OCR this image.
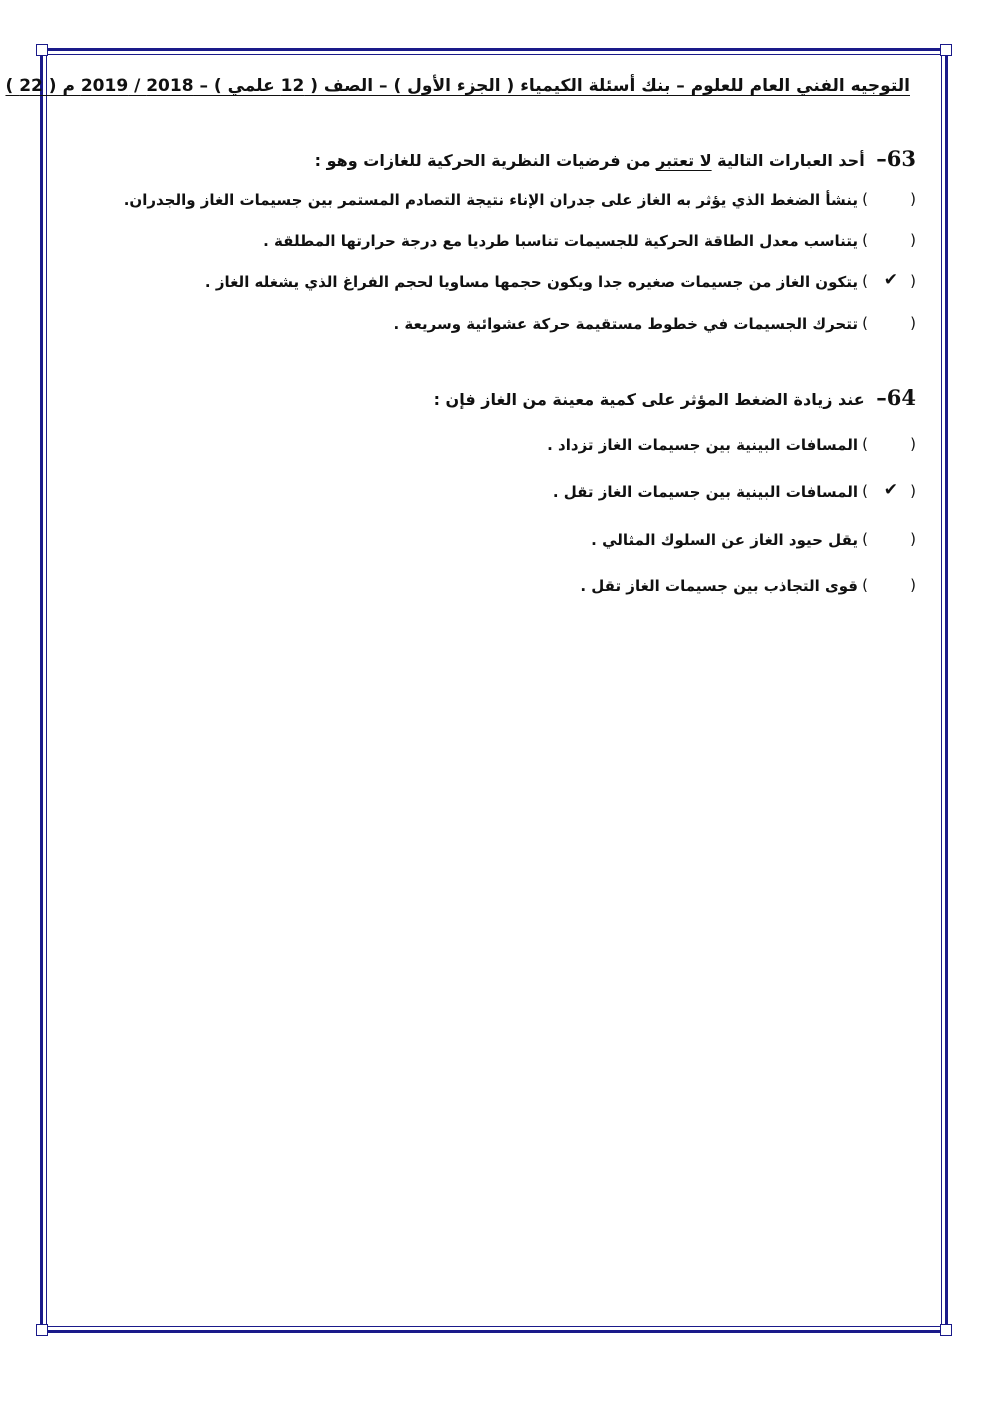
التوجيه الفني العام للعلوم – بنك أسئلة الكيمياء ( الجزء الأول ) – الصف ( 12 علمي ) – 2018 / 2019 م ( 22 )
63– أحد العبارات التالية لا تعتبر من فرضيات النظرية الحركية للغازات وهو :
(
)
ينشأ الضغط الذي يؤثر به الغاز على جدران الإناء نتيجة التصادم المستمر بين جسيمات الغاز والجدران.
(
)
يتناسب معدل الطاقة الحركية للجسيمات تناسبا طرديا مع درجة حرارتها المطلقة .
(
✔
)
يتكون الغاز من جسيمات صغيره جدا ويكون حجمها مساويا لحجم الفراغ الذي يشغله الغاز .
(
)
تتحرك الجسيمات في خطوط مستقيمة حركة عشوائية وسريعة .
64– عند زيادة الضغط المؤثر على كمية معينة من الغاز فإن :
(
)
المسافات البينية بين جسيمات الغاز تزداد .
(
✔
)
المسافات البينية بين جسيمات الغاز تقل .
(
)
يقل حيود الغاز عن السلوك المثالي .
(
)
قوى التجاذب بين جسيمات الغاز تقل .
